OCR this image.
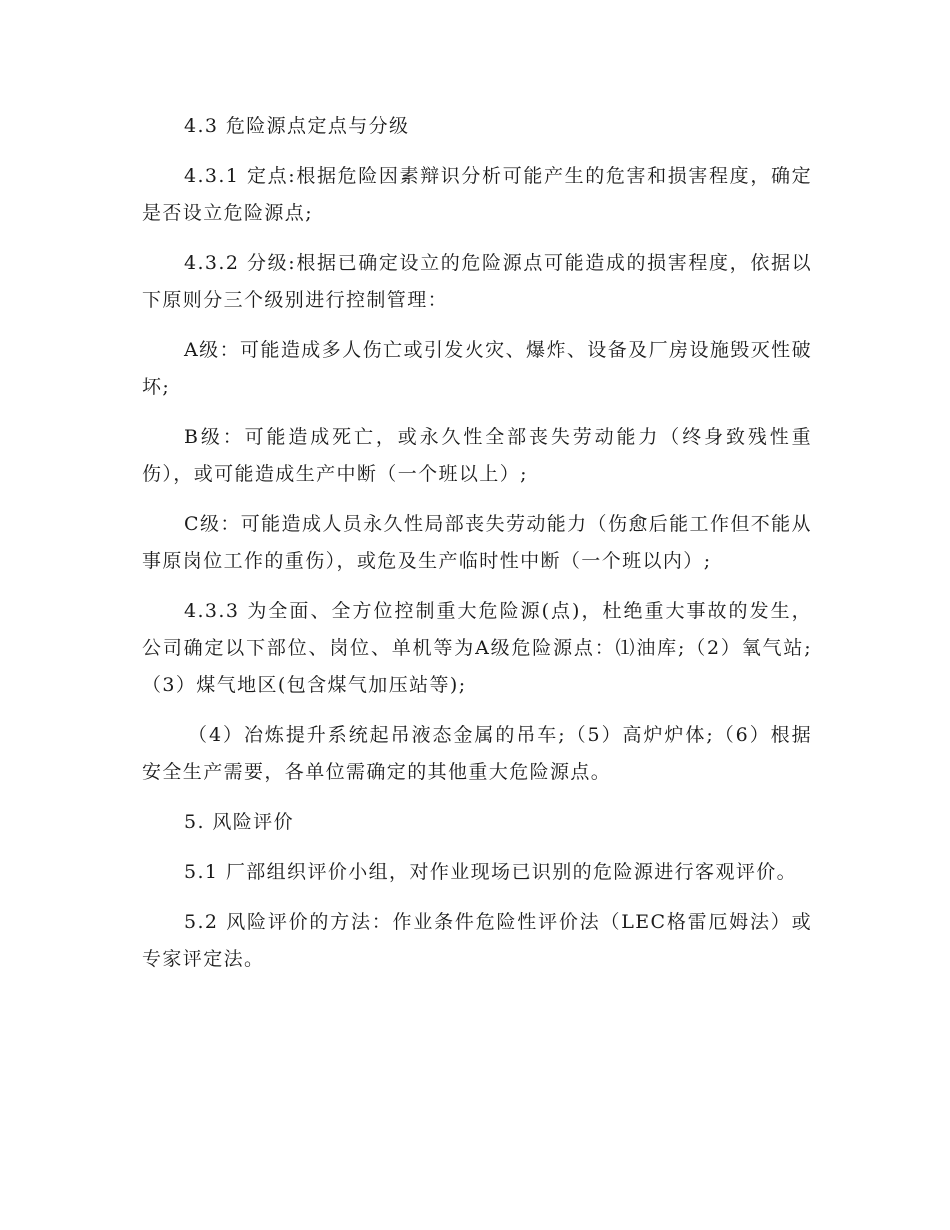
4.3 危险源点定点与分级

4.3.1 定点:根据危险因素辩识分析可能产生的危害和损害程度，确定是否设立危险源点;

4.3.2 分级:根据已确定设立的危险源点可能造成的损害程度，依据以下原则分三个级别进行控制管理：

A级：可能造成多人伤亡或引发火灾、爆炸、设备及厂房设施毁灭性破坏;

B级：可能造成死亡，或永久性全部丧失劳动能力（终身致残性重伤），或可能造成生产中断（一个班以上）;

C级：可能造成人员永久性局部丧失劳动能力（伤愈后能工作但不能从事原岗位工作的重伤），或危及生产临时性中断（一个班以内）;

4.3.3 为全面、全方位控制重大危险源(点)，杜绝重大事故的发生，公司确定以下部位、岗位、单机等为A级危险源点：⑴油库;（2）氧气站;（3）煤气地区(包含煤气加压站等);

（4）冶炼提升系统起吊液态金属的吊车;（5）高炉炉体;（6）根据安全生产需要，各单位需确定的其他重大危险源点。

5. 风险评价

5.1 厂部组织评价小组，对作业现场已识别的危险源进行客观评价。

5.2 风险评价的方法：作业条件危险性评价法（LEC格雷厄姆法）或专家评定法。
